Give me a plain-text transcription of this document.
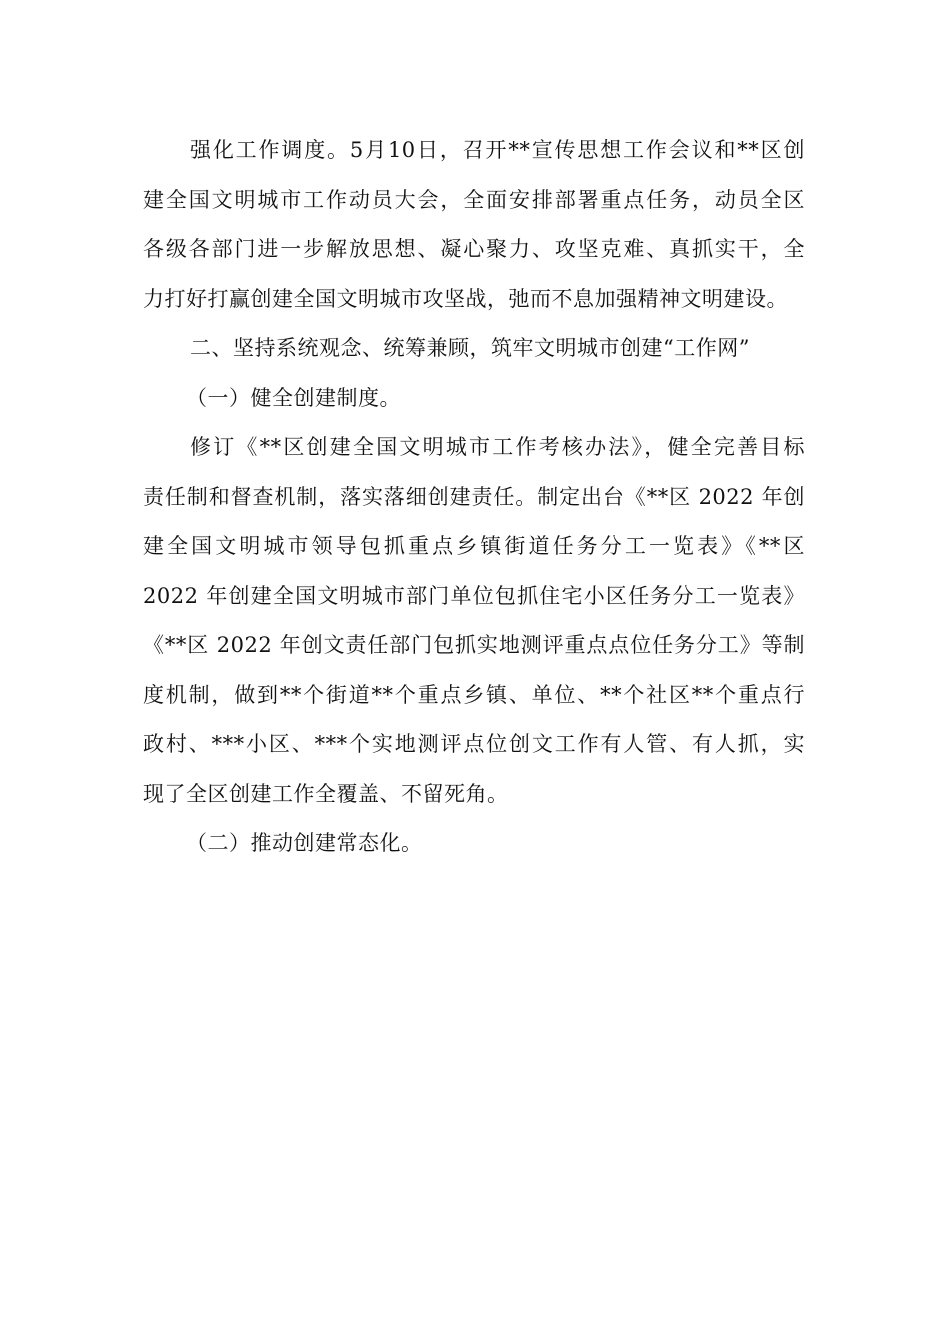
强化工作调度。5月10日，召开**宣传思想工作会议和**区创
建全国文明城市工作动员大会，全面安排部署重点任务，动员全区
各级各部门进一步解放思想、凝心聚力、攻坚克难、真抓实干，全
力打好打赢创建全国文明城市攻坚战，弛而不息加强精神文明建设。
二、坚持系统观念、统筹兼顾，筑牢文明城市创建“工作网”
（一）健全创建制度。
修订《**区创建全国文明城市工作考核办法》，健全完善目标
责任制和督查机制，落实落细创建责任。制定出台《**区 2022 年创
建全国文明城市领导包抓重点乡镇街道任务分工一览表》《**区
2022 年创建全国文明城市部门单位包抓住宅小区任务分工一览表》
《**区 2022 年创文责任部门包抓实地测评重点点位任务分工》等制
度机制，做到**个街道**个重点乡镇、单位、**个社区**个重点行
政村、***小区、***个实地测评点位创文工作有人管、有人抓，实
现了全区创建工作全覆盖、不留死角。
（二）推动创建常态化。
